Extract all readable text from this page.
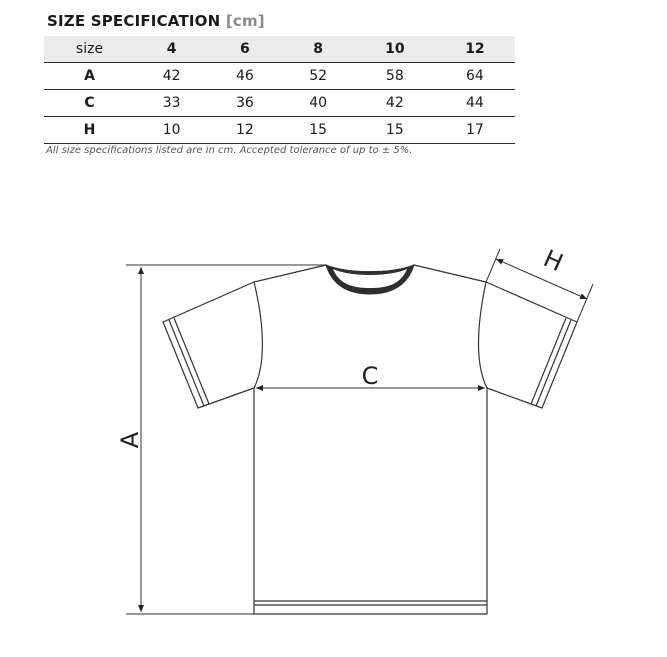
SIZE SPECIFICATION [cm]
size	4	6	8	10	12
A	42	46	52	58	64
C	33	36	40	42	44
H	10	12	15	15	17
All size specifications listed are in cm. Accepted tolerance of up to ± 5%.
A
C
H
